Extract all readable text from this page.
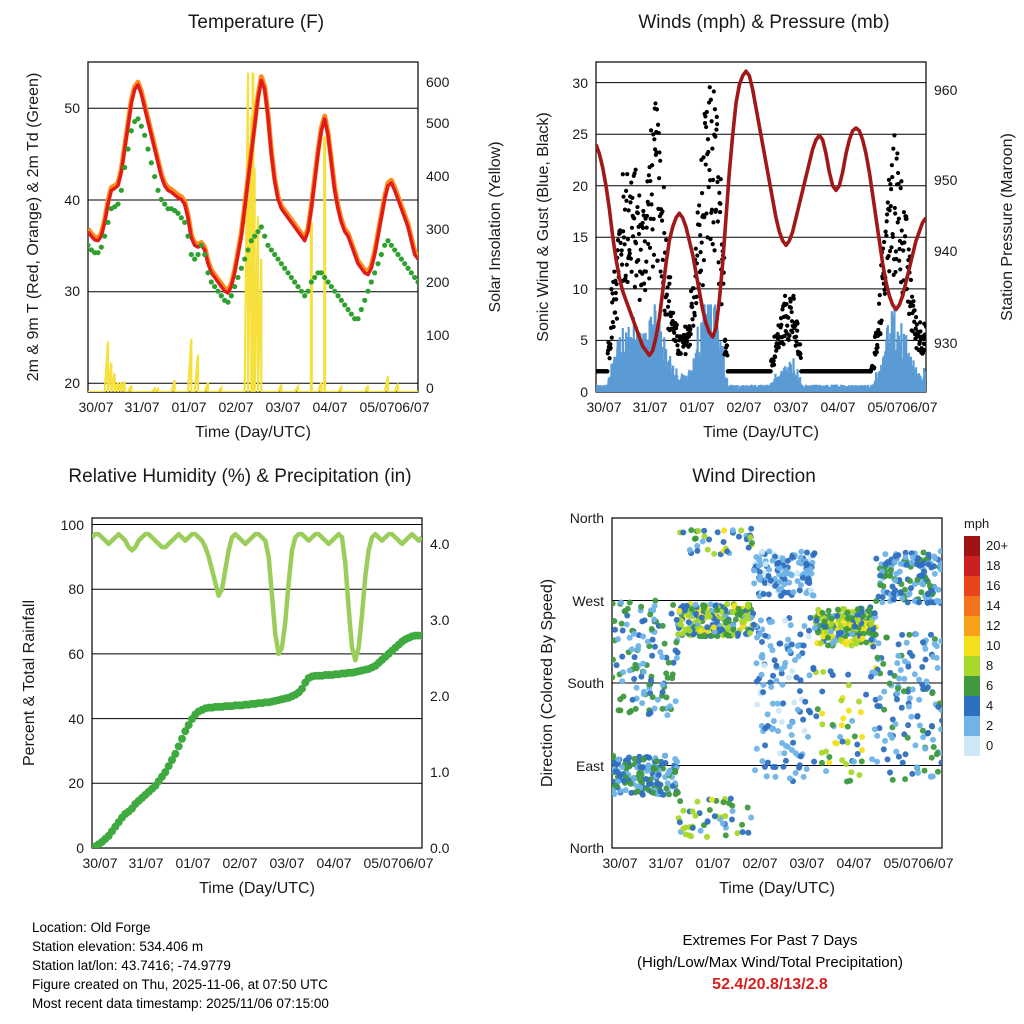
Temperature (F)
20
30
40
50
0
100
200
300
400
500
600
30/07 31/07 01/07 02/07 03/07 04/07 05/07 06/07
Time (Day/UTC)
2m & 9m T (Red, Orange) & 2m Td (Green)	Solar Insolation (Yellow)
Winds (mph) & Pressure (mb)
0
5
10
15
20
25
30
930
940
950
960
30/07 31/07 01/07 02/07 03/07 04/07 05/07 06/07
Time (Day/UTC)
Sonic Wind & Gust (Blue, Black)	Station Pressure (Maroon)
Relative Humidity (%) & Precipitation (in)
0
20
40
60
80
100
0.0
1.0
2.0
3.0
4.0
30/07 31/07 01/07 02/07 03/07 04/07 05/07 06/07
Time (Day/UTC)
Percent & Total Rainfall
Wind Direction
North
West
South
East
North
30/07 31/07 01/07 02/07 03/07 04/07 05/07 06/07
Time (Day/UTC)
Direction (Colored By Speed)
mph
20+
18
16
14
12
10
8
6
4
2
0
Location: Old Forge
Station elevation: 534.406 m
Station lat/lon: 43.7416; -74.9779
Figure created on Thu, 2025-11-06, at 07:50 UTC
Most recent data timestamp: 2025/11/06 07:15:00
Extremes For Past 7 Days
(High/Low/Max Wind/Total Precipitation)
52.4/20.8/13/2.8
